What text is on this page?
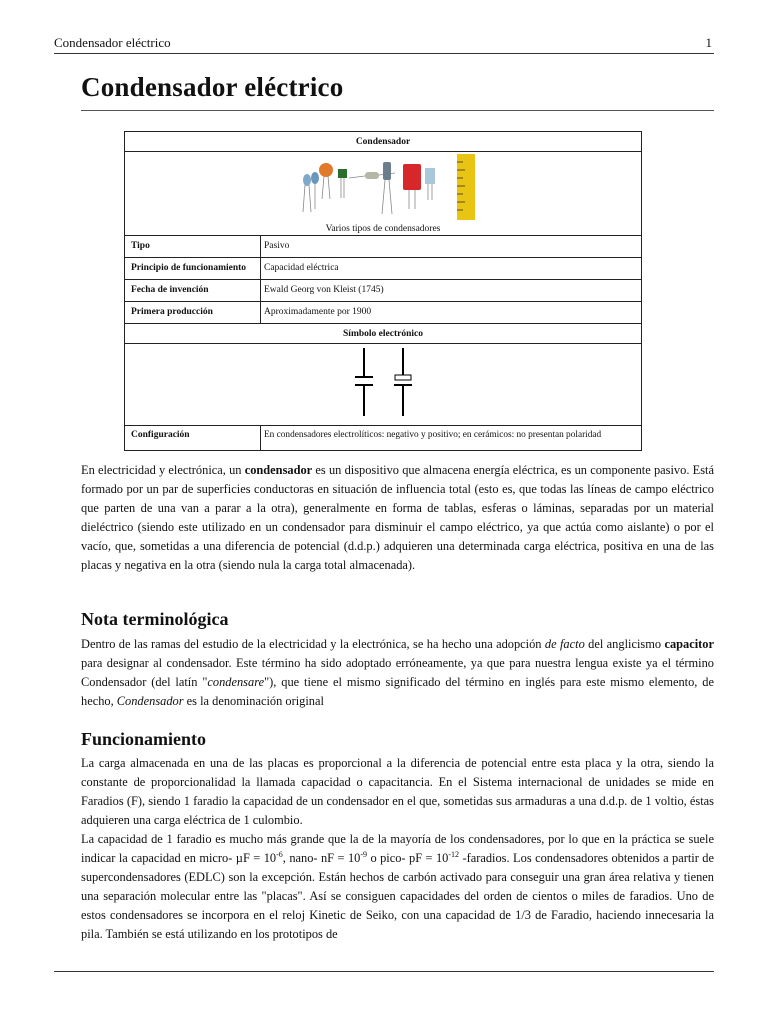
Condensador eléctrico	1
Condensador eléctrico
Condensador
Varios tipos de condensadores
Tipo	Pasivo
Principio de funcionamiento	Capacidad eléctrica
Fecha de invención	Ewald Georg von Kleist (1745)
Primera producción	Aproximadamente por 1900
Símbolo electrónico
Configuración	En condensadores electrolíticos: negativo y positivo; en cerámicos: no presentan polaridad

En electricidad y electrónica, un condensador es un dispositivo que almacena energía eléctrica, es un componente pasivo. Está formado por un par de superficies conductoras en situación de influencia total (esto es, que todas las líneas de campo eléctrico que parten de una van a parar a la otra), generalmente en forma de tablas, esferas o láminas, separadas por un material dieléctrico (siendo este utilizado en un condensador para disminuir el campo eléctrico, ya que actúa como aislante) o por el vacío, que, sometidas a una diferencia de potencial (d.d.p.) adquieren una determinada carga eléctrica, positiva en una de las placas y negativa en la otra (siendo nula la carga total almacenada).

Nota terminológica

Dentro de las ramas del estudio de la electricidad y la electrónica, se ha hecho una adopción de facto del anglicismo capacitor para designar al condensador. Este término ha sido adoptado erróneamente, ya que para nuestra lengua existe ya el término Condensador (del latín "condensare"), que tiene el mismo significado del término en inglés para este mismo elemento, de hecho, Condensador es la denominación original

Funcionamiento

La carga almacenada en una de las placas es proporcional a la diferencia de potencial entre esta placa y la otra, siendo la constante de proporcionalidad la llamada capacidad o capacitancia. En el Sistema internacional de unidades se mide en Faradios (F), siendo 1 faradio la capacidad de un condensador en el que, sometidas sus armaduras a una d.d.p. de 1 voltio, éstas adquieren una carga eléctrica de 1 culombio.

La capacidad de 1 faradio es mucho más grande que la de la mayoría de los condensadores, por lo que en la práctica se suele indicar la capacidad en micro- $\mu F = 10^{-6}$, nano- nF = $10^{-9}$ o pico- pF = $10^{-12}$ -faradios. Los condensadores obtenidos a partir de supercondensadores (EDLC) son la excepción. Están hechos de carbón activado para conseguir una gran área relativa y tienen una separación molecular entre las "placas". Así se consiguen capacidades del orden de cientos o miles de faradios. Uno de estos condensadores se incorpora en el reloj Kinetic de Seiko, con una capacidad de 1/3 de Faradio, haciendo innecesaria la pila. También se está utilizando en los prototipos de
